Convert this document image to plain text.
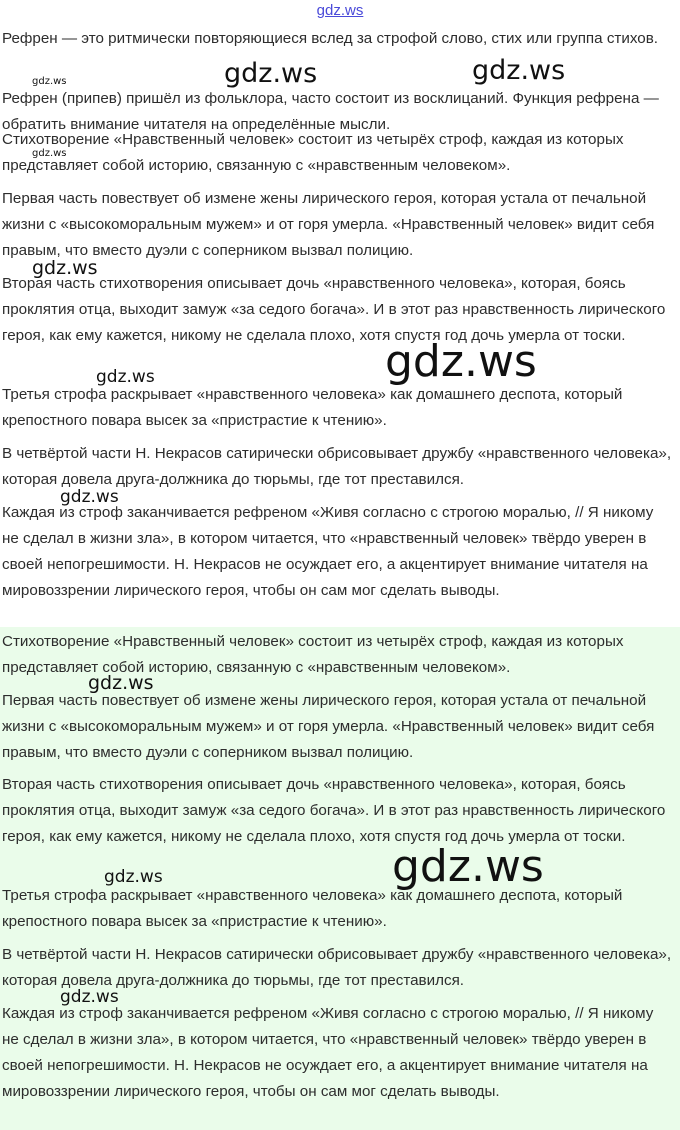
gdz.ws

Рефрен — это ритмически повторяющиеся вслед за строфой слово, стих или группа стихов.

Рефрен (припев) пришёл из фольклора, часто состоит из восклицаний. Функция рефрена — обратить внимание читателя на определённые мысли.

Стихотворение «Нравственный человек» состоит из четырёх строф, каждая из которых представляет собой историю, связанную с «нравственным человеком».

Первая часть повествует об измене жены лирического героя, которая устала от печальной жизни с «высокоморальным мужем» и от горя умерла. «Нравственный человек» видит себя правым, что вместо дуэли с соперником вызвал полицию.

Вторая часть стихотворения описывает дочь «нравственного человека», которая, боясь проклятия отца, выходит замуж «за седого богача». И в этот раз нравственность лирического героя, как ему кажется, никому не сделала плохо, хотя спустя год дочь умерла от тоски.

Третья строфа раскрывает «нравственного человека» как домашнего деспота, который крепостного повара высек за «пристрастие к чтению».

В четвёртой части Н. Некрасов сатирически обрисовывает дружбу «нравственного человека», которая довела друга-должника до тюрьмы, где тот преставился.

Каждая из строф заканчивается рефреном «Живя согласно с строгою моралью, // Я никому не сделал в жизни зла», в котором читается, что «нравственный человек» твёрдо уверен в своей непогрешимости. Н. Некрасов не осуждает его, а акцентирует внимание читателя на мировоззрении лирического героя, чтобы он сам мог сделать выводы.

Стихотворение «Нравственный человек» состоит из четырёх строф, каждая из которых представляет собой историю, связанную с «нравственным человеком».

Первая часть повествует об измене жены лирического героя, которая устала от печальной жизни с «высокоморальным мужем» и от горя умерла. «Нравственный человек» видит себя правым, что вместо дуэли с соперником вызвал полицию.

Вторая часть стихотворения описывает дочь «нравственного человека», которая, боясь проклятия отца, выходит замуж «за седого богача». И в этот раз нравственность лирического героя, как ему кажется, никому не сделала плохо, хотя спустя год дочь умерла от тоски.

Третья строфа раскрывает «нравственного человека» как домашнего деспота, который крепостного повара высек за «пристрастие к чтению».

В четвёртой части Н. Некрасов сатирически обрисовывает дружбу «нравственного человека», которая довела друга-должника до тюрьмы, где тот преставился.

Каждая из строф заканчивается рефреном «Живя согласно с строгою моралью, // Я никому не сделал в жизни зла», в котором читается, что «нравственный человек» твёрдо уверен в своей непогрешимости. Н. Некрасов не осуждает его, а акцентирует внимание читателя на мировоззрении лирического героя, чтобы он сам мог сделать выводы.

gdz.ws	gdz.ws	gdz.ws
gdz.ws
gdz.ws
gdz.ws
gdz.ws
gdz.ws
gdz.ws
gdz.ws
gdz.ws
gdz.ws
